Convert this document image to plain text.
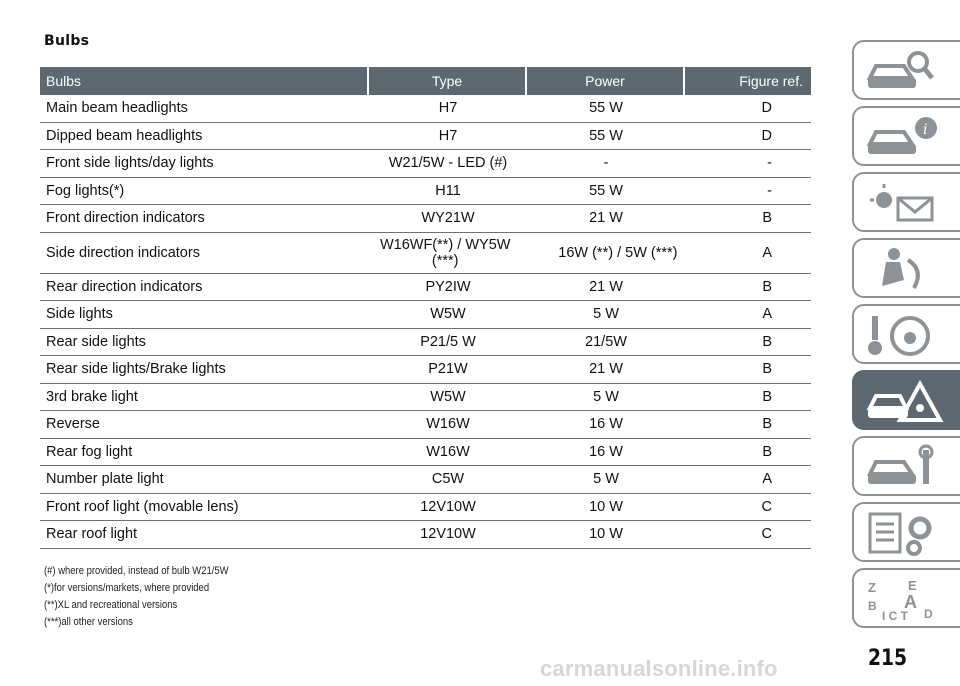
Bulbs
Bulbs	Type	Power	Figure ref.
Main beam headlights	H7	55 W	D
Dipped beam headlights	H7	55 W	D
Front side lights/day lights	W21/5W - LED (#)	-	-
Fog lights(*)	H11	55 W	-
Front direction indicators	WY21W	21 W	B
Side direction indicators	W16WF(**) / WY5W (***)	16W (**) / 5W (***)	A
Rear direction indicators	PY2IW	21 W	B
Side lights	W5W	5 W	A
Rear side lights	P21/5 W	21/5W	B
Rear side lights/Brake lights	P21W	21 W	B
3rd brake light	W5W	5 W	B
Reverse	W16W	16 W	B
Rear fog light	W16W	16 W	B
Number plate light	C5W	5 W	A
Front roof light (movable lens)	12V10W	10 W	C
Rear roof light	12V10W	10 W	C
(#) where provided, instead of bulb W21/5W
(*)for versions/markets, where provided
(**)XL and recreational versions
(***)all other versions
carmanualsonline.info	215
i
Z E
B A
I C T D
